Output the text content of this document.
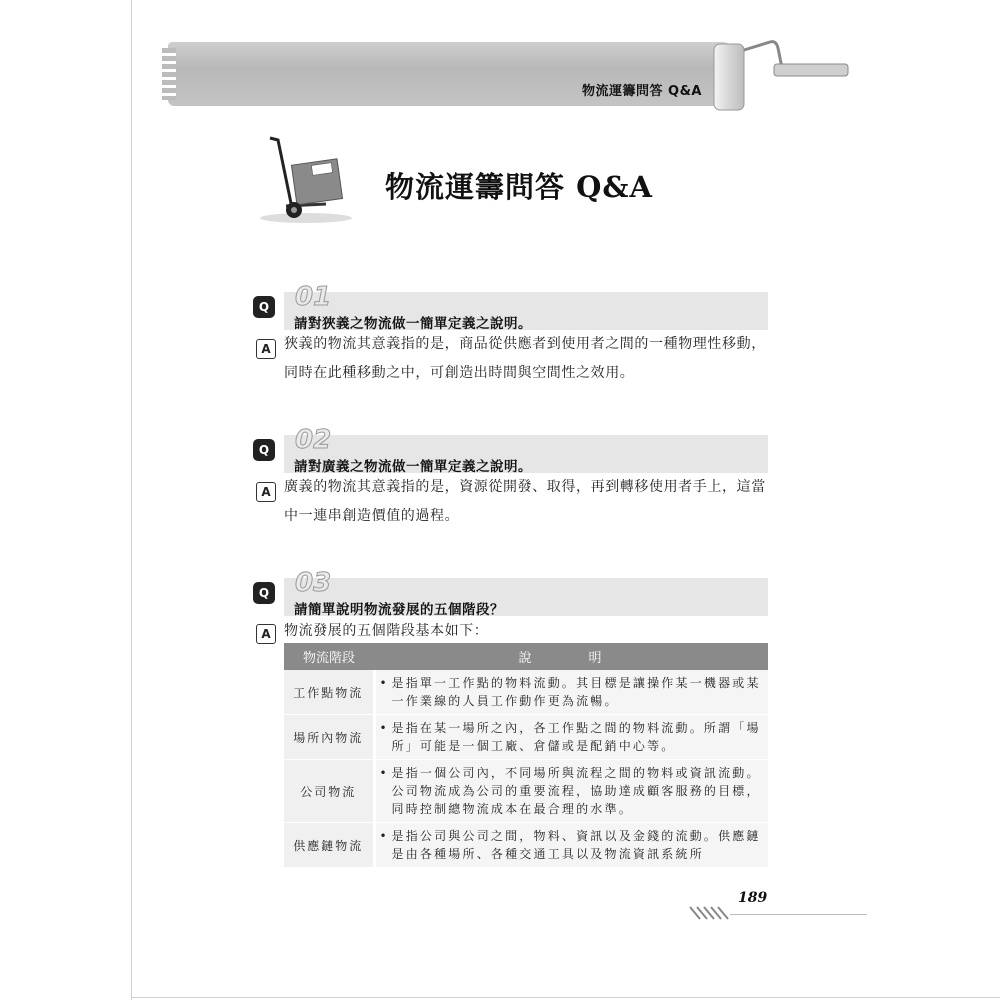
物流運籌問答 Q&A
物流運籌問答 Q&A
01
Q
請對狹義之物流做一簡單定義之說明。
A 狹義的物流其意義指的是，商品從供應者到使用者之間的一種物理性移動，同時在此種移動之中，可創造出時間與空間性之效用。
02
Q
請對廣義之物流做一簡單定義之說明。
A 廣義的物流其意義指的是，資源從開發、取得，再到轉移使用者手上，這當中一連串創造價值的過程。
03
Q
請簡單說明物流發展的五個階段？
A 物流發展的五個階段基本如下：
物流階段	說　明
工作點物流	• 是指單一工作點的物料流動。其目標是讓操作某一機器或某一作業線的人員工作動作更為流暢。

場所內物流	• 是指在某一場所之內，各工作點之間的物料流動。所謂「場所」可能是一個工廠、倉儲或是配銷中心等。

公司物流	• 是指一個公司內，不同場所與流程之間的物料或資訊流動。公司物流成為公司的重要流程，協助達成顧客服務的目標，同時控制總物流成本在最合理的水準。

供應鏈物流	• 是指公司與公司之間，物料、資訊以及金錢的流動。供應鏈是由各種場所、各種交通工具以及物流資訊系統所
189
